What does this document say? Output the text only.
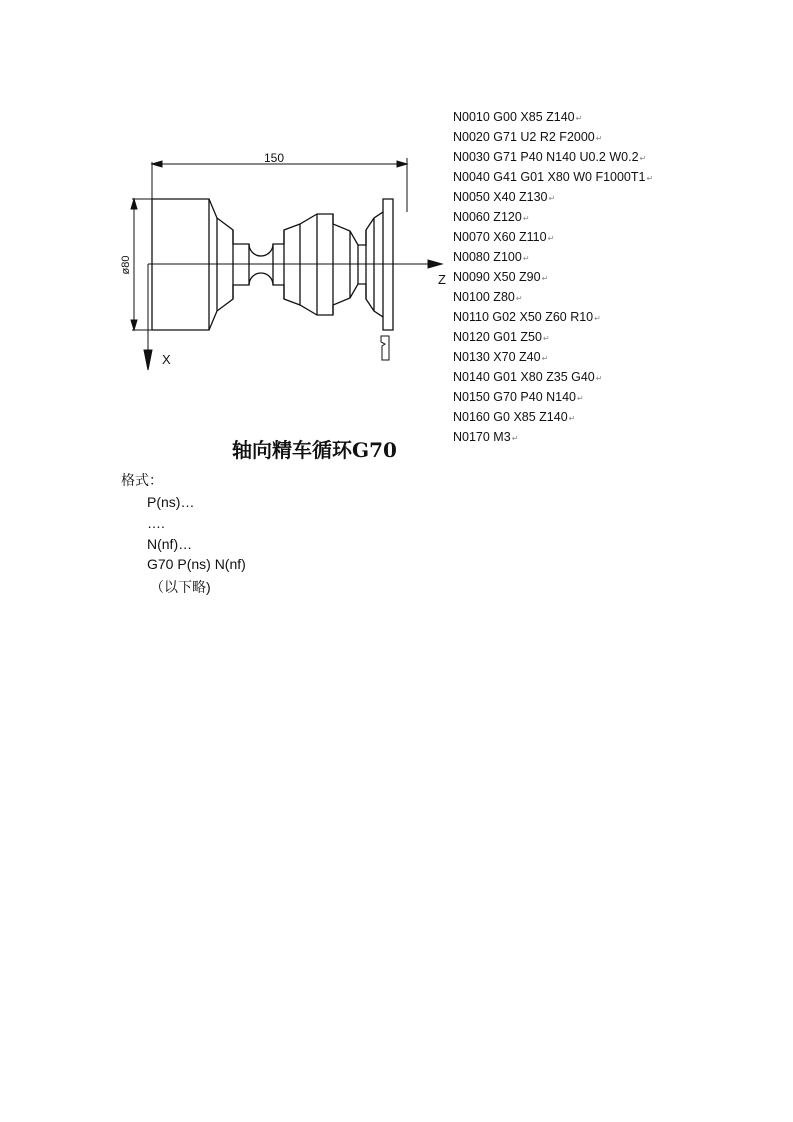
150
ø80
X
Z
N0010 G00 X85 Z140↵
N0020 G71 U2 R2 F2000↵
N0030 G71 P40 N140 U0.2 W0.2↵
N0040 G41 G01 X80 W0 F1000T1↵
N0050 X40 Z130↵
N0060 Z120↵
N0070 X60 Z110↵
N0080 Z100↵
N0090 X50 Z90↵
N0100 Z80↵
N0110 G02 X50 Z60 R10↵
N0120 G01 Z50↵
N0130 X70 Z40↵
N0140 G01 X80 Z35 G40↵
N0150 G70 P40 N140↵
N0160 G0 X85 Z140↵
N0170 M3↵
轴向精车循环G70
格式：
P(ns)…
….
N(nf)…
G70 P(ns) N(nf)
（以下略)
